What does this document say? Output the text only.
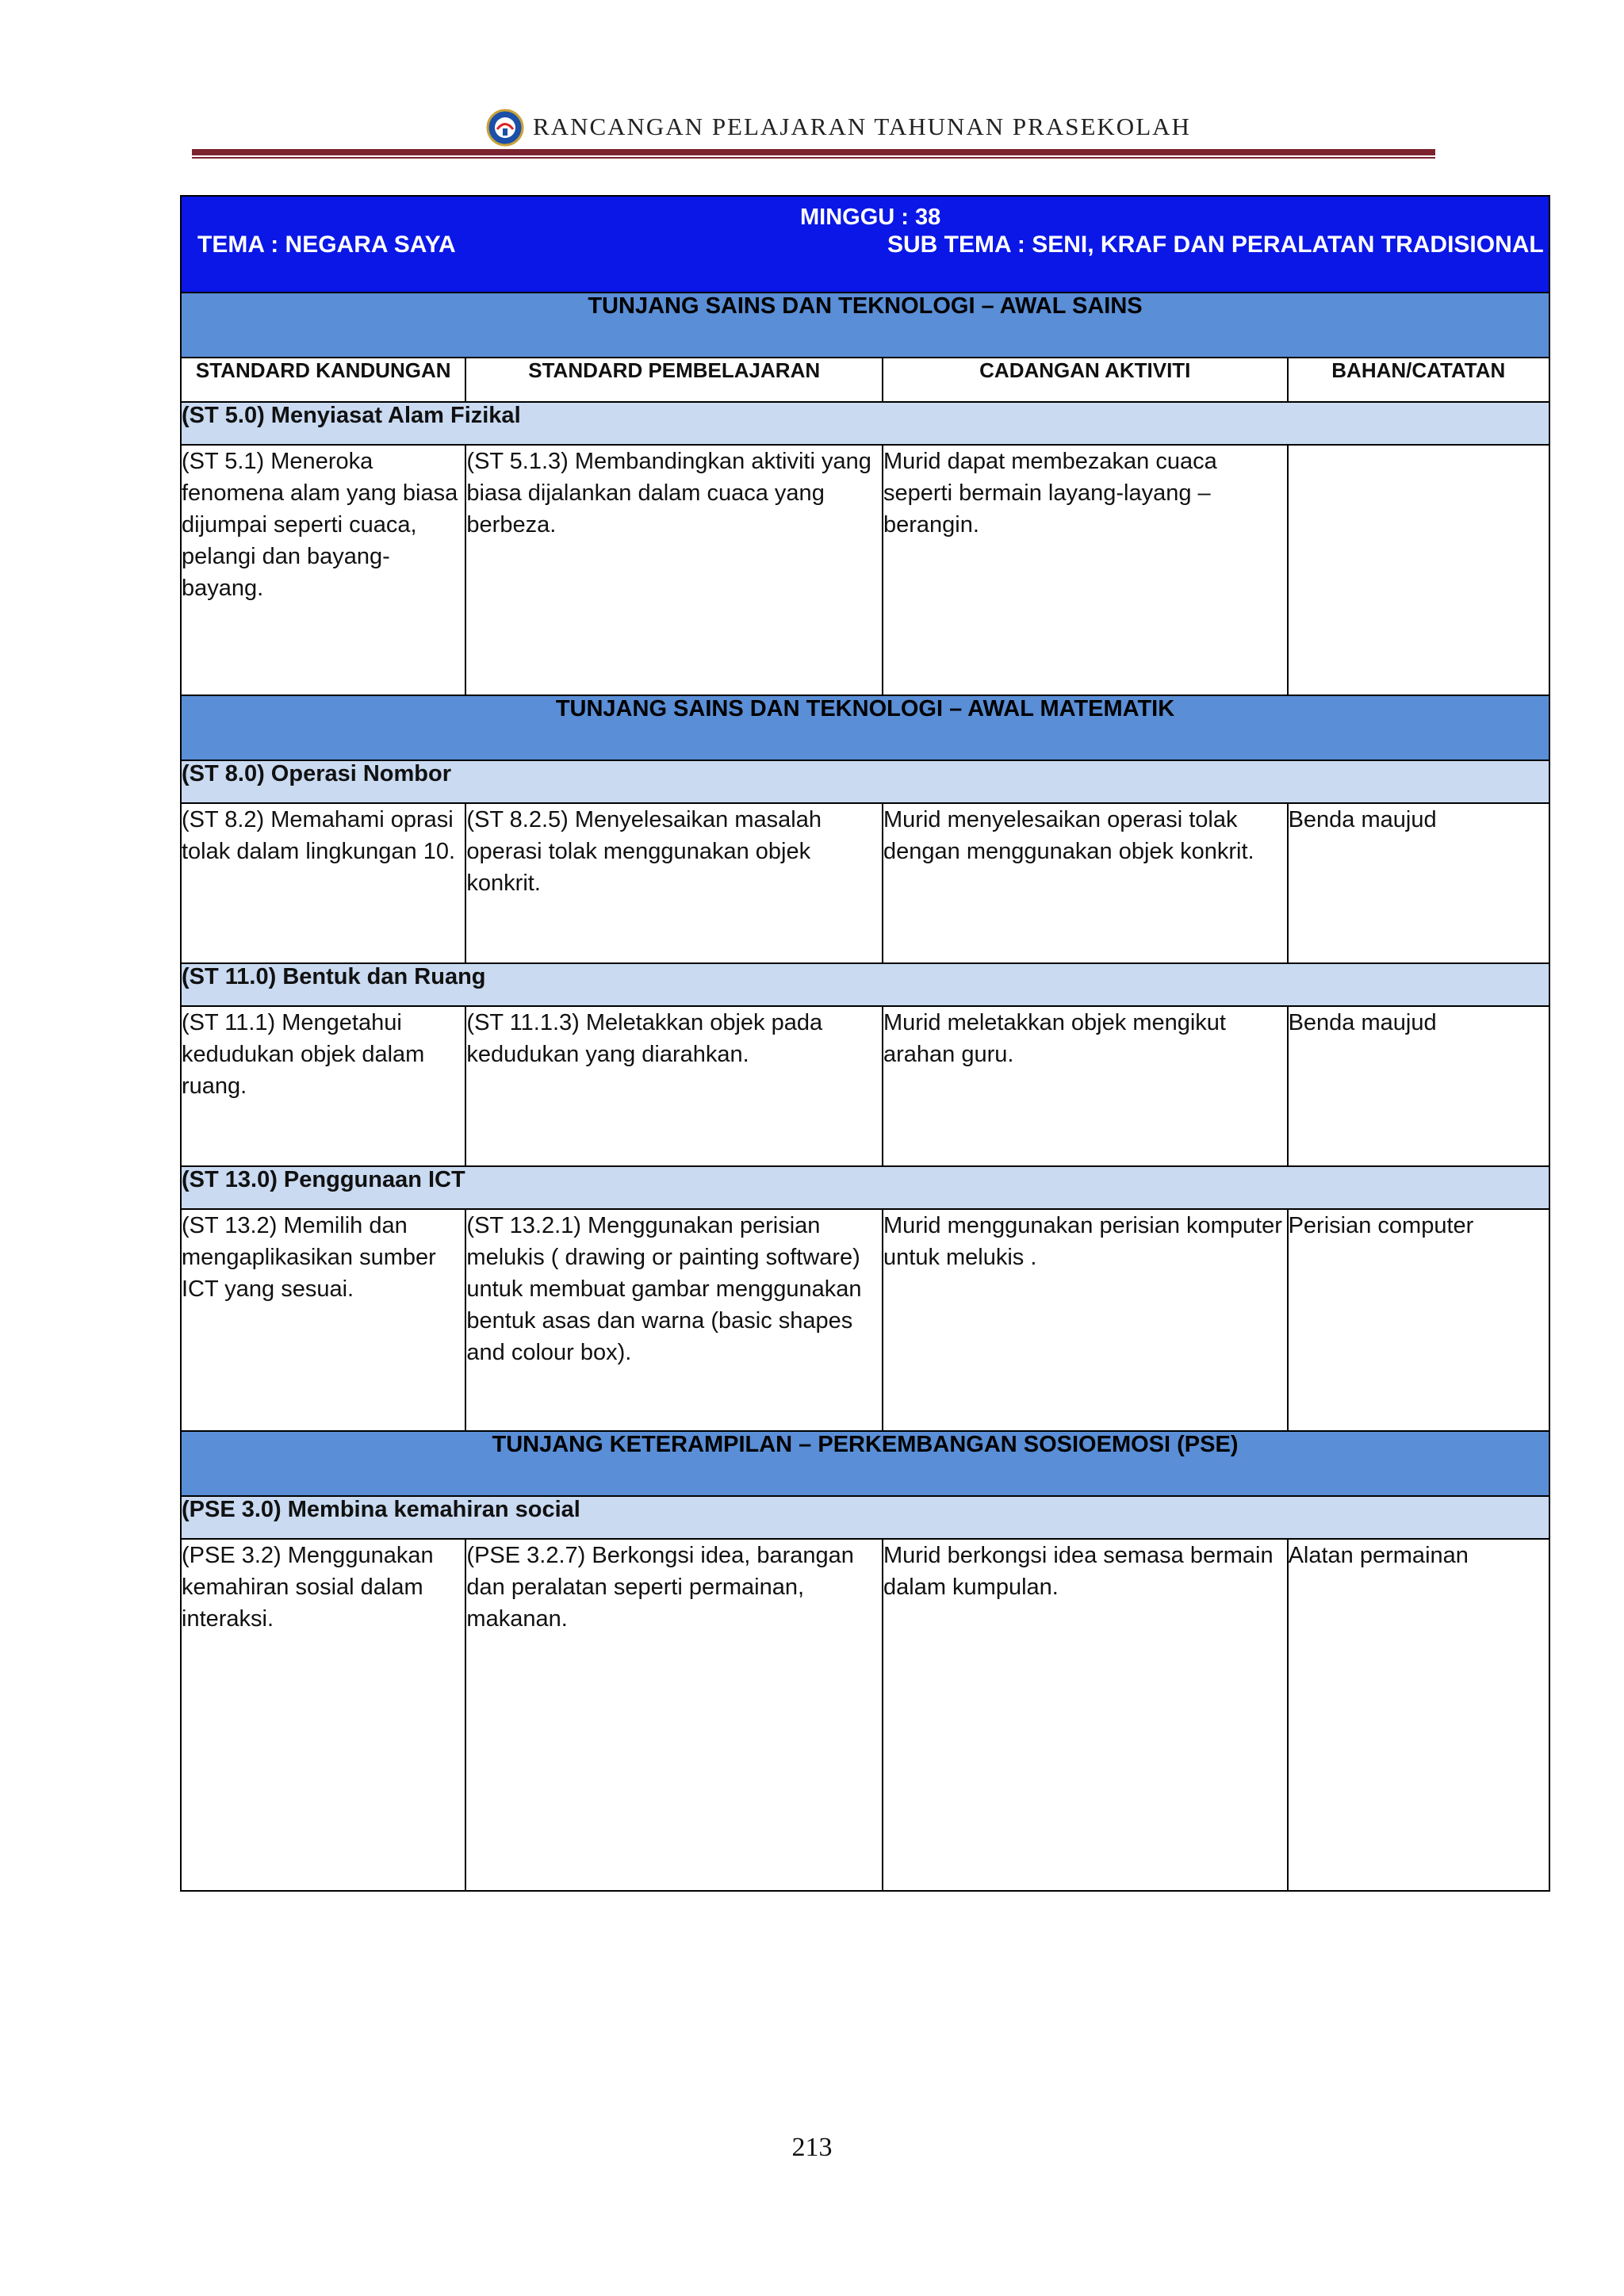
RANCANGAN PELAJARAN TAHUNAN PRASEKOLAH
MINGGU : 38
TEMA : NEGARA SAYA SUB TEMA : SENI, KRAF DAN PERALATAN TRADISIONAL			

TUNJANG SAINS DAN TEKNOLOGI – AWAL SAINS			
STANDARD KANDUNGAN	STANDARD PEMBELAJARAN	CADANGAN AKTIVITI	BAHAN/CATATAN
(ST 5.0) Menyiasat Alam Fizikal			
(ST 5.1) Meneroka fenomena alam yang biasa dijumpai seperti cuaca, pelangi dan bayang-bayang.	(ST 5.1.3) Membandingkan aktiviti yang biasa dijalankan dalam cuaca yang berbeza.	Murid dapat membezakan cuaca seperti bermain layang-layang – berangin.	
TUNJANG SAINS DAN TEKNOLOGI – AWAL MATEMATIK			
(ST 8.0) Operasi Nombor			
(ST 8.2) Memahami oprasi tolak dalam lingkungan 10.	(ST 8.2.5) Menyelesaikan masalah operasi tolak menggunakan objek konkrit.	Murid menyelesaikan operasi tolak dengan menggunakan objek konkrit.	Benda maujud
(ST 11.0) Bentuk dan Ruang			
(ST 11.1) Mengetahui kedudukan objek dalam ruang.	(ST 11.1.3) Meletakkan objek pada kedudukan yang diarahkan.	Murid meletakkan objek mengikut arahan guru.	Benda maujud
(ST 13.0) Penggunaan ICT			
(ST 13.2) Memilih dan mengaplikasikan sumber ICT yang sesuai.	(ST 13.2.1) Menggunakan perisian melukis ( drawing or painting software) untuk membuat gambar menggunakan bentuk asas dan warna (basic shapes and colour box).	Murid menggunakan perisian komputer untuk melukis .	Perisian computer
TUNJANG KETERAMPILAN – PERKEMBANGAN SOSIOEMOSI (PSE)			
(PSE 3.0) Membina kemahiran social			
(PSE 3.2) Menggunakan kemahiran sosial dalam interaksi.	(PSE 3.2.7) Berkongsi idea, barangan dan peralatan seperti permainan, makanan.	Murid berkongsi idea semasa bermain dalam kumpulan.	Alatan permainan
213
